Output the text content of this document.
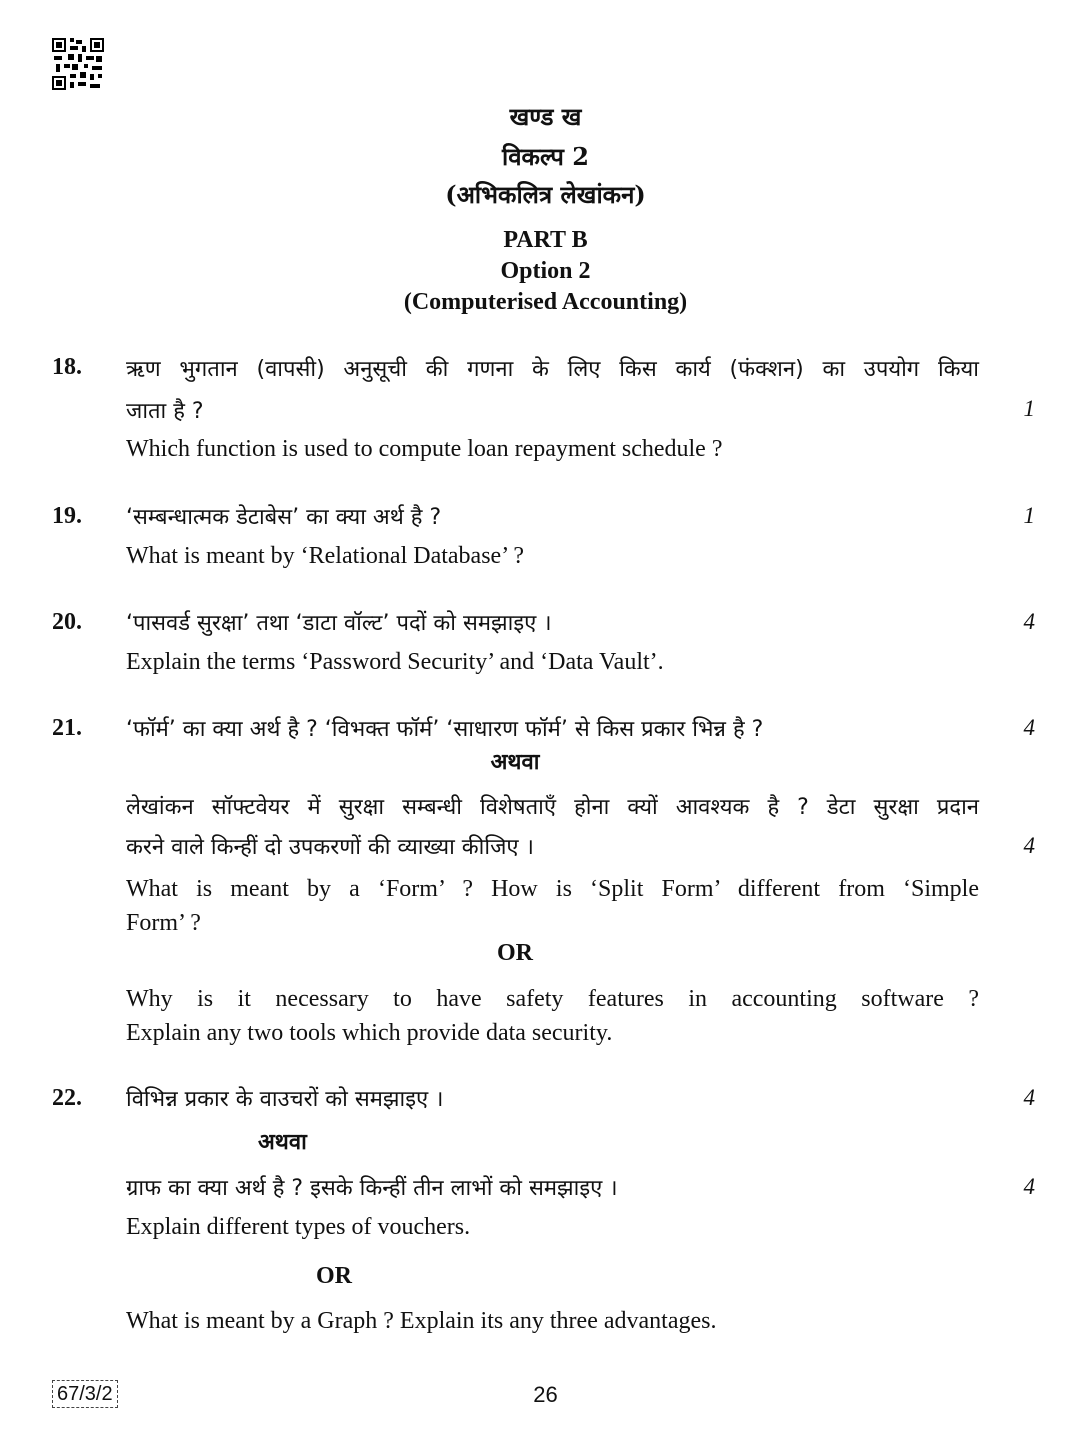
खण्ड ख
विकल्प 2
(अभिकलित्र लेखांकन)
PART B
Option 2
(Computerised Accounting)
18. ऋण भुगतान (वापसी) अनुसूची की गणना के लिए किस कार्य (फंक्शन) का उपयोग किया
जाता है ?	1
Which function is used to compute loan repayment schedule ?
19. ‘सम्बन्धात्मक डेटाबेस’ का क्या अर्थ है ?	1
What is meant by ‘Relational Database’ ?
20. ‘पासवर्ड सुरक्षा’ तथा ‘डाटा वॉल्ट’ पदों को समझाइए ।	4
Explain the terms ‘Password Security’ and ‘Data Vault’.
21. ‘फॉर्म’ का क्या अर्थ है ? ‘विभक्त फॉर्म’ ‘साधारण फॉर्म’ से किस प्रकार भिन्न है ?	4
अथवा
लेखांकन सॉफ्टवेयर में सुरक्षा सम्बन्धी विशेषताएँ होना क्यों आवश्यक है ? डेटा सुरक्षा प्रदान
करने वाले किन्हीं दो उपकरणों की व्याख्या कीजिए ।	4
What is meant by a ‘Form’ ? How is ‘Split Form’ different from ‘Simple
Form’ ?
OR
Why is it necessary to have safety features in accounting software ?
Explain any two tools which provide data security.
22. विभिन्न प्रकार के वाउचरों को समझाइए ।	4
अथवा
ग्राफ का क्या अर्थ है ? इसके किन्हीं तीन लाभों को समझाइए ।	4
Explain different types of vouchers.
OR
What is meant by a Graph ? Explain its any three advantages.
67/3/2	26
